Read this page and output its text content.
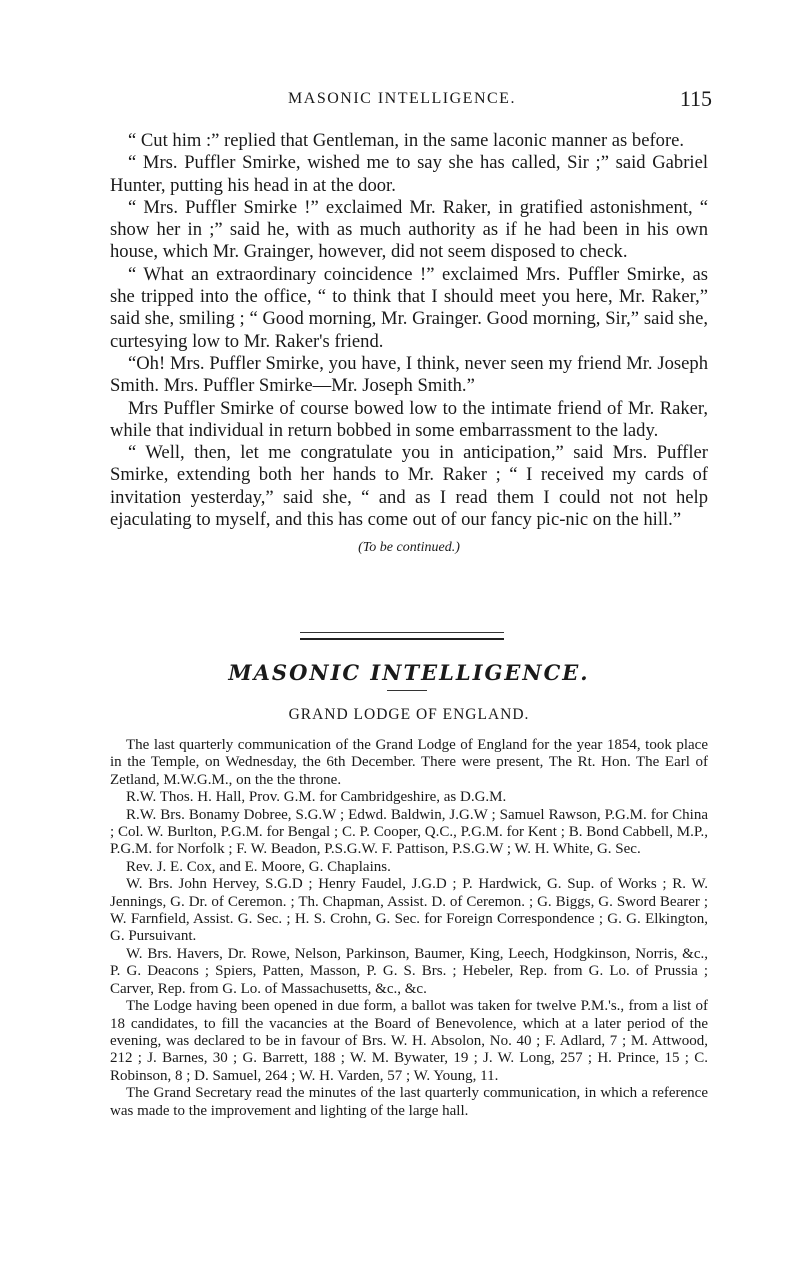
MASONIC INTELLIGENCE.	115

“ Cut him :” replied that Gentleman, in the same laconic manner as before.

“ Mrs. Puffler Smirke, wished me to say she has called, Sir ;” said Gabriel Hunter, putting his head in at the door.

“ Mrs. Puffler Smirke !” exclaimed Mr. Raker, in gratified astonishment, “ show her in ;” said he, with as much authority as if he had been in his own house, which Mr. Grainger, however, did not seem disposed to check.

“ What an extraordinary coincidence !” exclaimed Mrs. Puffler Smirke, as she tripped into the office, “ to think that I should meet you here, Mr. Raker,” said she, smiling ; “ Good morning, Mr. Grainger. Good morning, Sir,” said she, curtesying low to Mr. Raker's friend.

“Oh! Mrs. Puffler Smirke, you have, I think, never seen my friend Mr. Joseph Smith. Mrs. Puffler Smirke—Mr. Joseph Smith.”

Mrs Puffler Smirke of course bowed low to the intimate friend of Mr. Raker, while that individual in return bobbed in some embarrassment to the lady.

“ Well, then, let me congratulate you in anticipation,” said Mrs. Puffler Smirke, extending both her hands to Mr. Raker ; “ I received my cards of invitation yesterday,” said she, “ and as I read them I could not not help ejaculating to myself, and this has come out of our fancy pic-nic on the hill.”

(To be continued.)
MASONIC INTELLIGENCE.
GRAND LODGE OF ENGLAND.

The last quarterly communication of the Grand Lodge of England for the year 1854, took place in the Temple, on Wednesday, the 6th December. There were present, The Rt. Hon. The Earl of Zetland, M.W.G.M., on the the throne.

R.W. Thos. H. Hall, Prov. G.M. for Cambridgeshire, as D.G.M.

R.W. Brs. Bonamy Dobree, S.G.W ; Edwd. Baldwin, J.G.W ; Samuel Rawson, P.G.M. for China ; Col. W. Burlton, P.G.M. for Bengal ; C. P. Cooper, Q.C., P.G.M. for Kent ; B. Bond Cabbell, M.P., P.G.M. for Norfolk ; F. W. Beadon, P.S.G.W. F. Pattison, P.S.G.W ; W. H. White, G. Sec.

Rev. J. E. Cox, and E. Moore, G. Chaplains.

W. Brs. John Hervey, S.G.D ; Henry Faudel, J.G.D ; P. Hardwick, G. Sup. of Works ; R. W. Jennings, G. Dr. of Ceremon. ; Th. Chapman, Assist. D. of Ceremon. ; G. Biggs, G. Sword Bearer ; W. Farnfield, Assist. G. Sec. ; H. S. Crohn, G. Sec. for Foreign Correspondence ; G. G. Elkington, G. Pursuivant.

W. Brs. Havers, Dr. Rowe, Nelson, Parkinson, Baumer, King, Leech, Hodgkinson, Norris, &c., P. G. Deacons ; Spiers, Patten, Masson, P. G. S. Brs. ; Hebeler, Rep. from G. Lo. of Prussia ; Carver, Rep. from G. Lo. of Massachusetts, &c., &c.

The Lodge having been opened in due form, a ballot was taken for twelve P.M.'s., from a list of 18 candidates, to fill the vacancies at the Board of Benevolence, which at a later period of the evening, was declared to be in favour of Brs. W. H. Absolon, No. 40 ; F. Adlard, 7 ; M. Attwood, 212 ; J. Barnes, 30 ; G. Barrett, 188 ; W. M. Bywater, 19 ; J. W. Long, 257 ; H. Prince, 15 ; C. Robinson, 8 ; D. Samuel, 264 ; W. H. Varden, 57 ; W. Young, 11.

The Grand Secretary read the minutes of the last quarterly communication, in which a reference was made to the improvement and lighting of the large hall.
